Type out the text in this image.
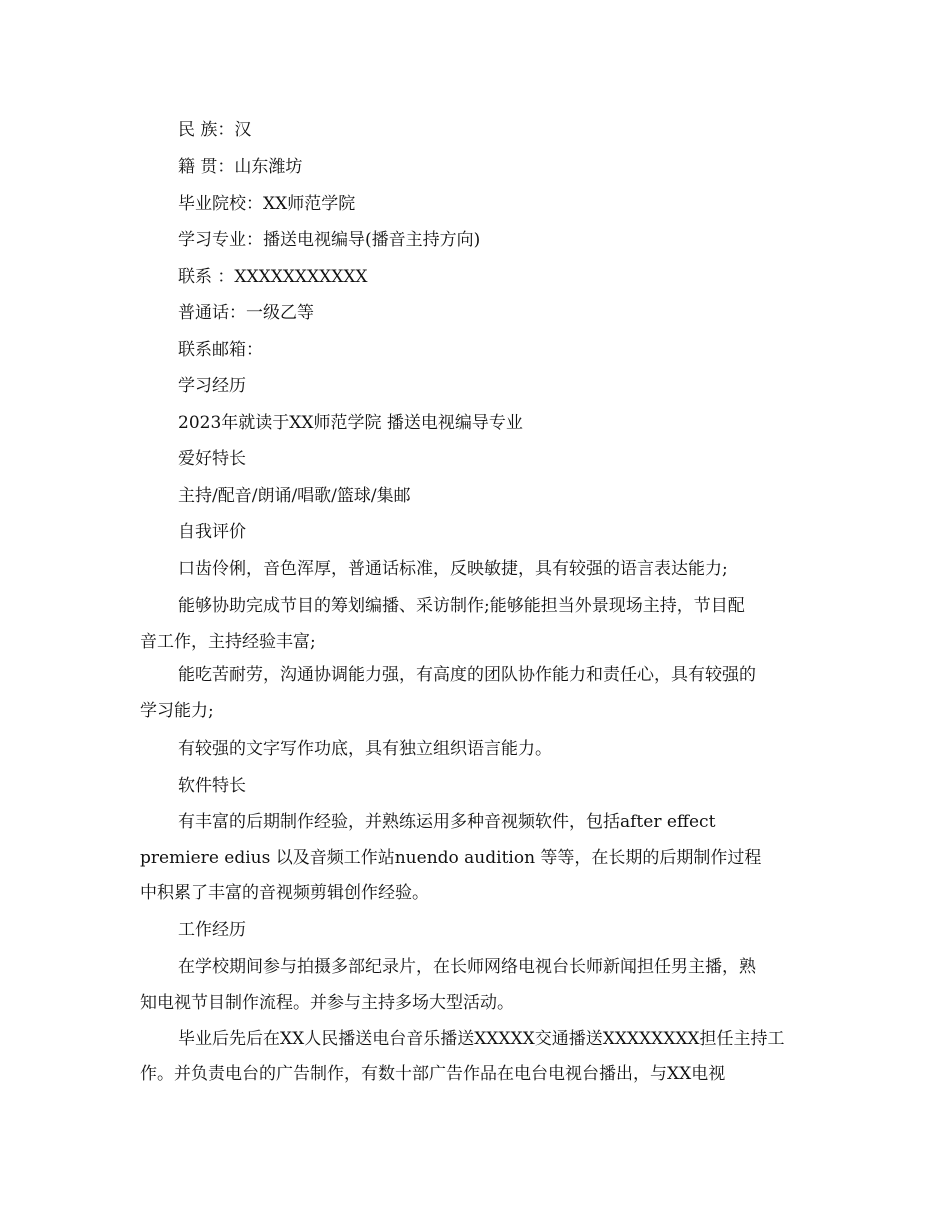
民 族：汉
籍 贯：山东潍坊
毕业院校：XX师范学院
学习专业：播送电视编导(播音主持方向)
联系 ：XXXXXXXXXXX
普通话：一级乙等
联系邮箱：
学习经历
2023年就读于XX师范学院 播送电视编导专业
爱好特长
主持/配音/朗诵/唱歌/篮球/集邮
自我评价
口齿伶俐，音色浑厚，普通话标准，反映敏捷，具有较强的语言表达能力;
能够协助完成节目的筹划编播、采访制作;能够能担当外景现场主持，节目配
音工作，主持经验丰富;
能吃苦耐劳，沟通协调能力强，有高度的团队协作能力和责任心，具有较强的
学习能力;
有较强的文字写作功底，具有独立组织语言能力。
软件特长
有丰富的后期制作经验，并熟练运用多种音视频软件，包括after effect
premiere edius 以及音频工作站nuendo audition 等等，在长期的后期制作过程
中积累了丰富的音视频剪辑创作经验。
工作经历
在学校期间参与拍摄多部纪录片，在长师网络电视台长师新闻担任男主播，熟
知电视节目制作流程。并参与主持多场大型活动。
毕业后先后在XX人民播送电台音乐播送XXXXX交通播送XXXXXXXX担任主持工
作。并负责电台的广告制作，有数十部广告作品在电台电视台播出，与XX电视
